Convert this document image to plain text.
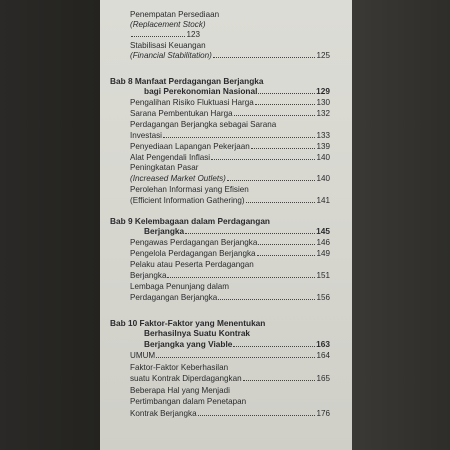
Penempatan Persediaan
(Replacement Stock)
123
Stabilisasi Keuangan
(Financial Stabilitation)	125
Bab 8 Manfaat Perdagangan Berjangka
bagi Perekonomian Nasional	129
Pengalihan Risiko Fluktuasi Harga	130
Sarana Pembentukan Harga	132
Perdagangan Berjangka sebagai Sarana
Investasi	133
Penyediaan Lapangan Pekerjaan	139
Alat Pengendali Inflasi	140
Peningkatan Pasar
(Increased Market Outlets)	140
Perolehan Informasi yang Efisien
(Efficient Information Gathering)	141
Bab 9 Kelembagaan dalam Perdagangan
Berjangka	145
Pengawas Perdagangan Berjangka	146
Pengelola Perdagangan Berjangka	149
Pelaku atau Peserta Perdagangan
Berjangka	151
Lembaga Penunjang dalam
Perdagangan Berjangka	156
Bab 10 Faktor-Faktor yang Menentukan
Berhasilnya Suatu Kontrak
Berjangka yang Viable	163
UMUM	164
Faktor-Faktor Keberhasilan
suatu Kontrak Diperdagangkan	165
Beberapa Hal yang Menjadi
Pertimbangan dalam Penetapan
Kontrak Berjangka	176
